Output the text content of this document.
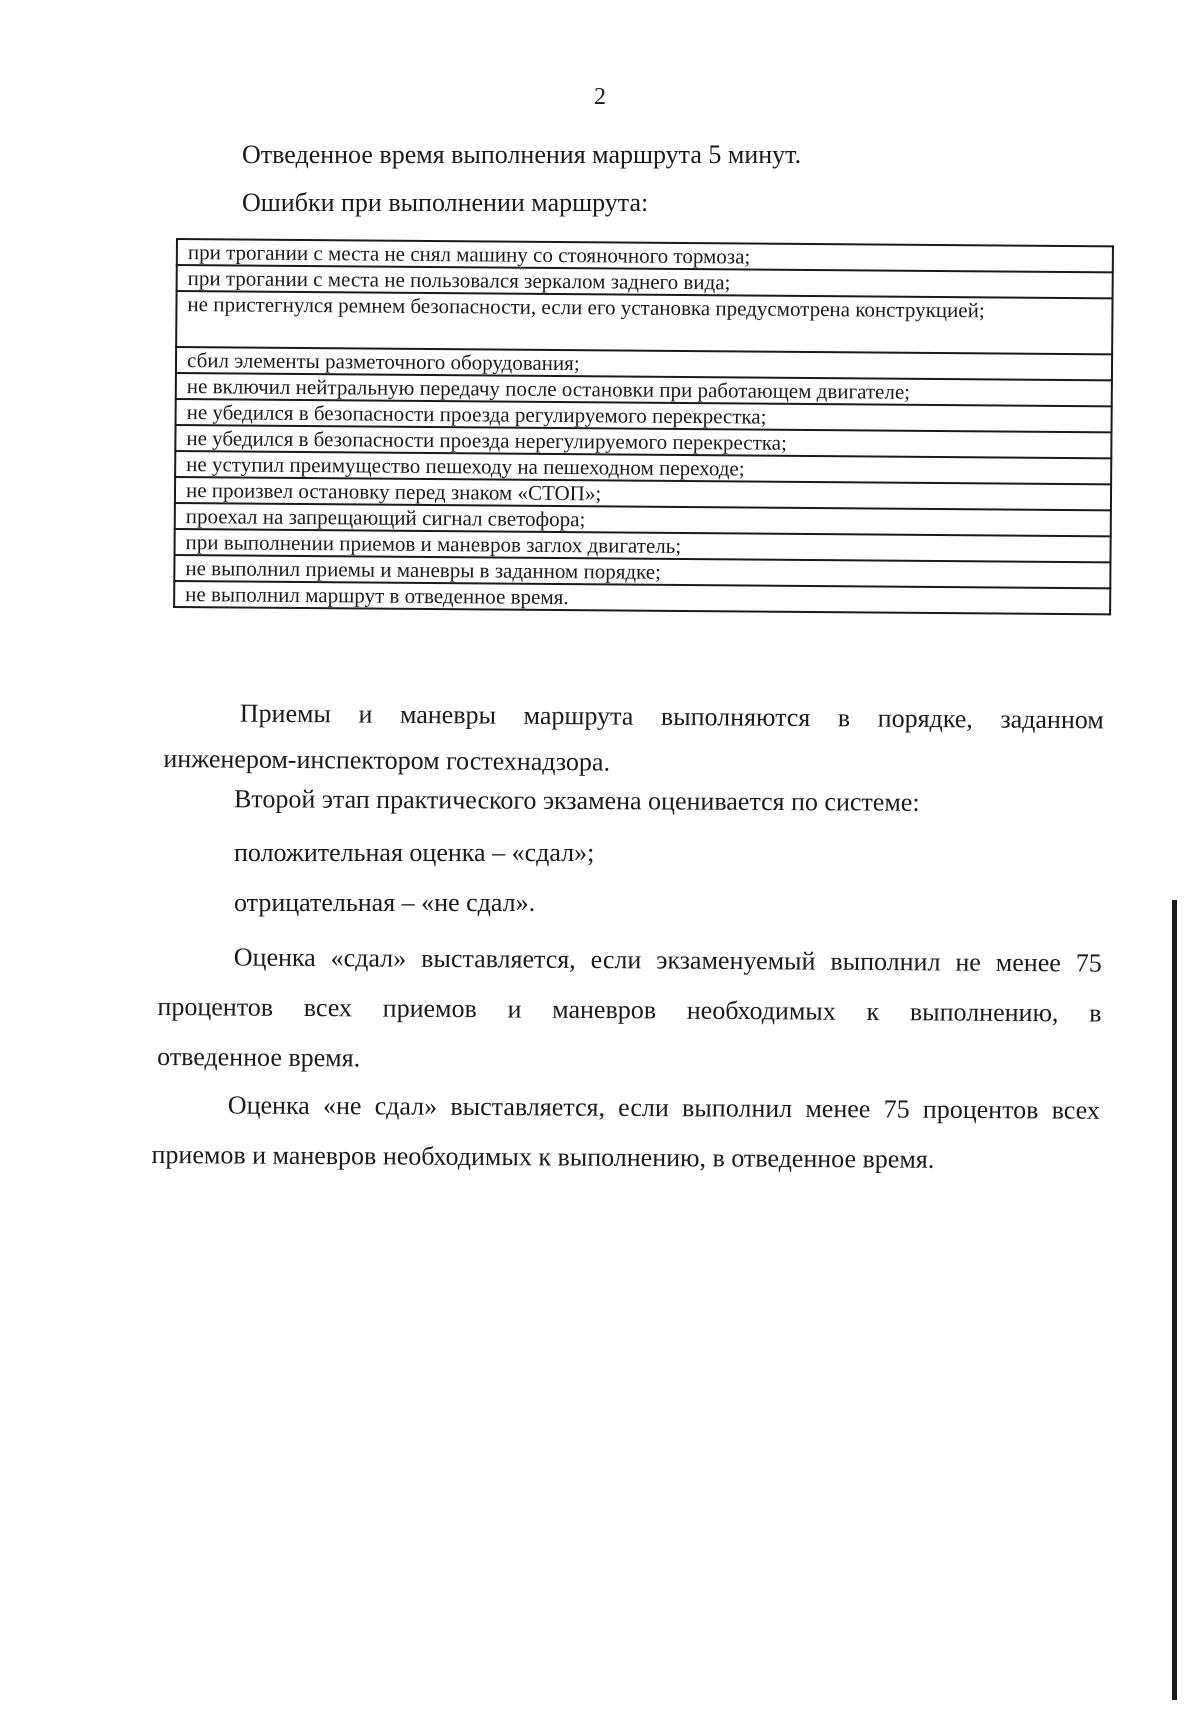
2
Отведенное время выполнения маршрута 5 минут.
Ошибки при выполнении маршрута:
при трогании с места не снял машину со стояночного тормоза;
при трогании с места не пользовался зеркалом заднего вида;
не пристегнулся ремнем безопасности, если его установка предусмотрена конструкцией;
сбил элементы разметочного оборудования;
не включил нейтральную передачу после остановки при работающем двигателе;
не убедился в безопасности проезда регулируемого перекрестка;
не убедился в безопасности проезда нерегулируемого перекрестка;
не уступил преимущество пешеходу на пешеходном переходе;
не произвел остановку перед знаком «СТОП»;
проехал на запрещающий сигнал светофора;
при выполнении приемов и маневров заглох двигатель;
не выполнил приемы и маневры в заданном порядке;
не выполнил маршрут в отведенное время.
Приемы и маневры маршрута выполняются в порядке, заданном
инженером-инспектором гостехнадзора.
Второй этап практического экзамена оценивается по системе:
положительная оценка – «сдал»;
отрицательная – «не сдал».
Оценка «сдал» выставляется, если экзаменуемый выполнил не менее 75
процентов всех приемов и маневров необходимых к выполнению, в
отведенное время.
Оценка «не сдал» выставляется, если выполнил менее 75 процентов всех
приемов и маневров необходимых к выполнению, в отведенное время.
